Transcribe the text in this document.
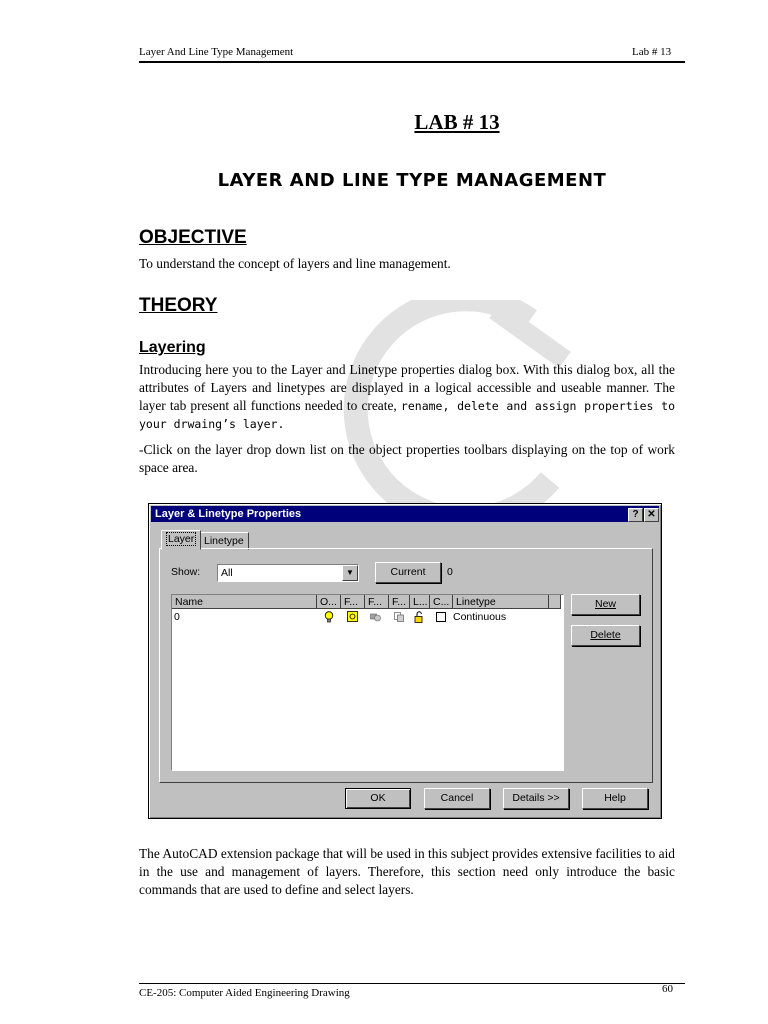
Layer And Line Type Management	Lab # 13
LAB # 13
LAYER AND LINE TYPE MANAGEMENT
OBJECTIVE
To understand the concept of layers and line management.
THEORY
Layering
Introducing here you to the Layer and Linetype properties dialog box. With this dialog box, all the attributes of Layers and linetypes are displayed in a logical accessible and useable manner. The layer tab present all functions needed to create, rename, delete and assign properties to your drwaing’s layer.
-Click on the layer drop down list on the object properties toolbars displaying on the top of work space area.
Layer & Linetype Properties	? ✕
Layer Linetype
Show:	All	▼	Current	0
Name	O... F... F... F... L... C... Linetype
0	Continuous
New
Delete
OK	Cancel	Details >>	Help
The AutoCAD extension package that will be used in this subject provides extensive facilities to aid in the use and management of layers. Therefore, this section need only introduce the basic commands that are used to define and select layers.
CE-205: Computer Aided Engineering Drawing	60
